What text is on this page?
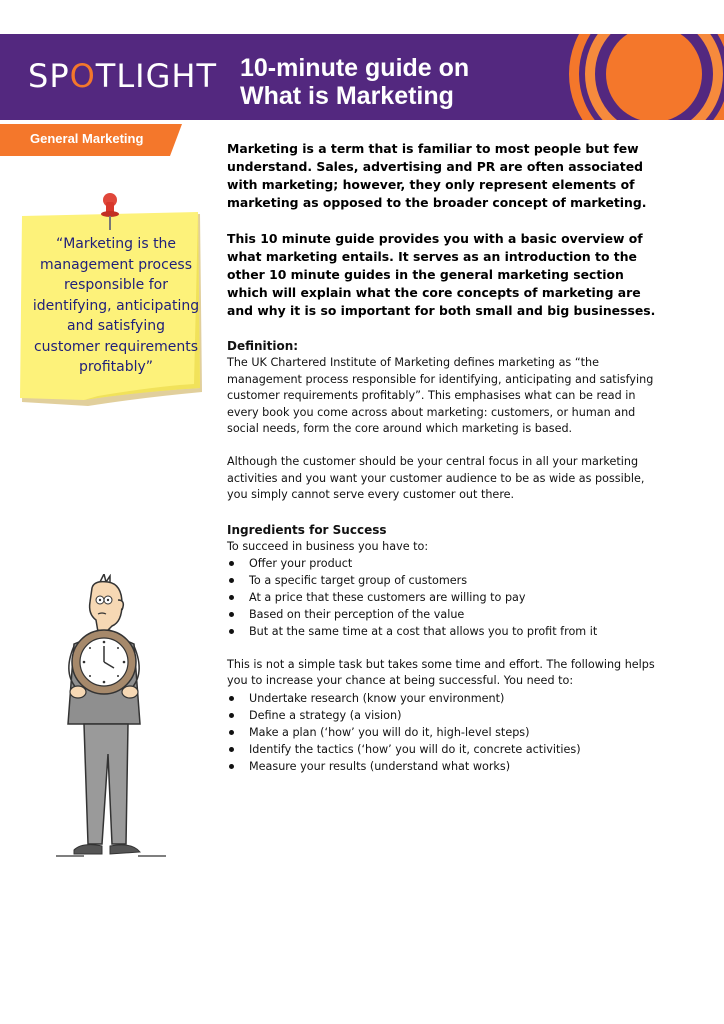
SPOTLIGHT 10-minute guide on
What is Marketing
General Marketing
“Marketing is the management process responsible for identifying, anticipating and satisfying customer requirements profitably”

Marketing is a term that is familiar to most people but few understand. Sales, advertising and PR are often associated with marketing; however, they only represent elements of marketing as opposed to the broader concept of marketing.

This 10 minute guide provides you with a basic overview of what marketing entails. It serves as an introduction to the other 10 minute guides in the general marketing section which will explain what the core concepts of marketing are and why it is so important for both small and big businesses.

Definition:
The UK Chartered Institute of Marketing defines marketing as “the management process responsible for identifying, anticipating and satisfying customer requirements profitably”. This emphasises what can be read in every book you come across about marketing: customers, or human and social needs, form the core around which marketing is based.
Although the customer should be your central focus in all your marketing activities and you want your customer audience to be as wide as possible, you simply cannot serve every customer out there.
Ingredients for Success
To succeed in business you have to:
Offer your product
To a specific target group of customers
At a price that these customers are willing to pay
Based on their perception of the value
But at the same time at a cost that allows you to profit from it
This is not a simple task but takes some time and effort. The following helps you to increase your chance at being successful. You need to:
Undertake research (know your environment)
Define a strategy (a vision)
Make a plan (‘how’ you will do it, high-level steps)
Identify the tactics (‘how’ you will do it, concrete activities)
Measure your results (understand what works)
